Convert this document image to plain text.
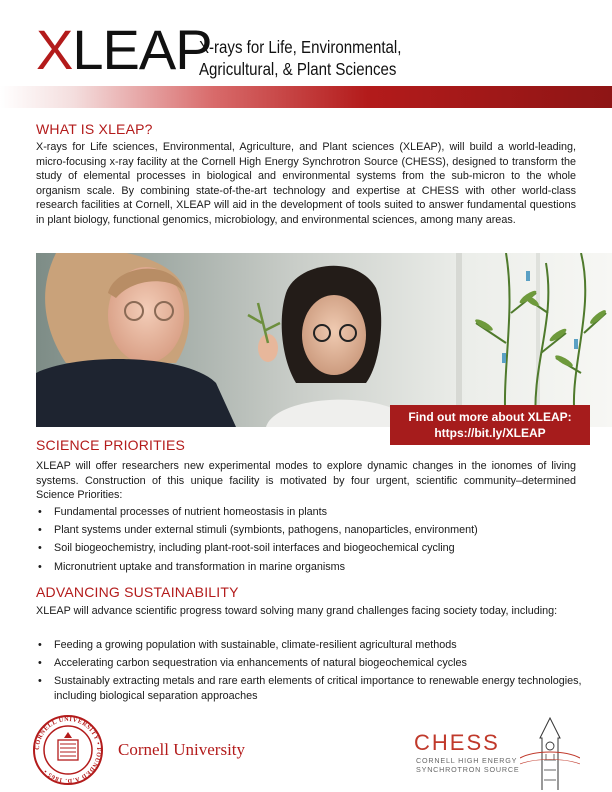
XLEAP
X-rays for Life, Environmental,
Agricultural, & Plant Sciences
WHAT IS XLEAP?

X-rays for Life sciences, Environmental, Agriculture, and Plant sciences (XLEAP), will build a world-leading, micro-focusing x-ray facility at the Cornell High Energy Synchrotron Source (CHESS), designed to transform the study of elemental processes in biological and environmental systems from the sub-micron to the whole organism scale. By combining state-of-the-art technology and expertise at CHESS with other world-class research facilities at Cornell, XLEAP will aid in the development of tools suited to answer fundamental questions in plant biology, functional genomics, microbiology, and environmental sciences, among many areas.

Find out more about XLEAP:
https://bit.ly/XLEAP
SCIENCE PRIORITIES

XLEAP will offer researchers new experimental modes to explore dynamic changes in the ionomes of living systems. Construction of this unique facility is motivated by four urgent, scientific community–determined Science Priorities:

• Fundamental processes of nutrient homeostasis in plants
• Plant systems under external stimuli (symbionts, pathogens, nanoparticles, environment)
• Soil biogeochemistry, including plant-root-soil interfaces and biogeochemical cycling
• Micronutrient uptake and transformation in marine organisms
ADVANCING SUSTAINABILITY

XLEAP will advance scientific progress toward solving many grand challenges facing society today, including:

• Feeding a growing population with sustainable, climate-resilient agricultural methods
• Accelerating carbon sequestration via enhancements of natural biogeochemical cycles
• Sustainably extracting metals and rare earth elements of critical importance to renewable energy technologies, including biological separation approaches
CORNELL UNIVERSITY • FOUNDED A.D. 1865 •
Cornell University	CHESS
CORNELL HIGH ENERGY
SYNCHROTRON SOURCE
